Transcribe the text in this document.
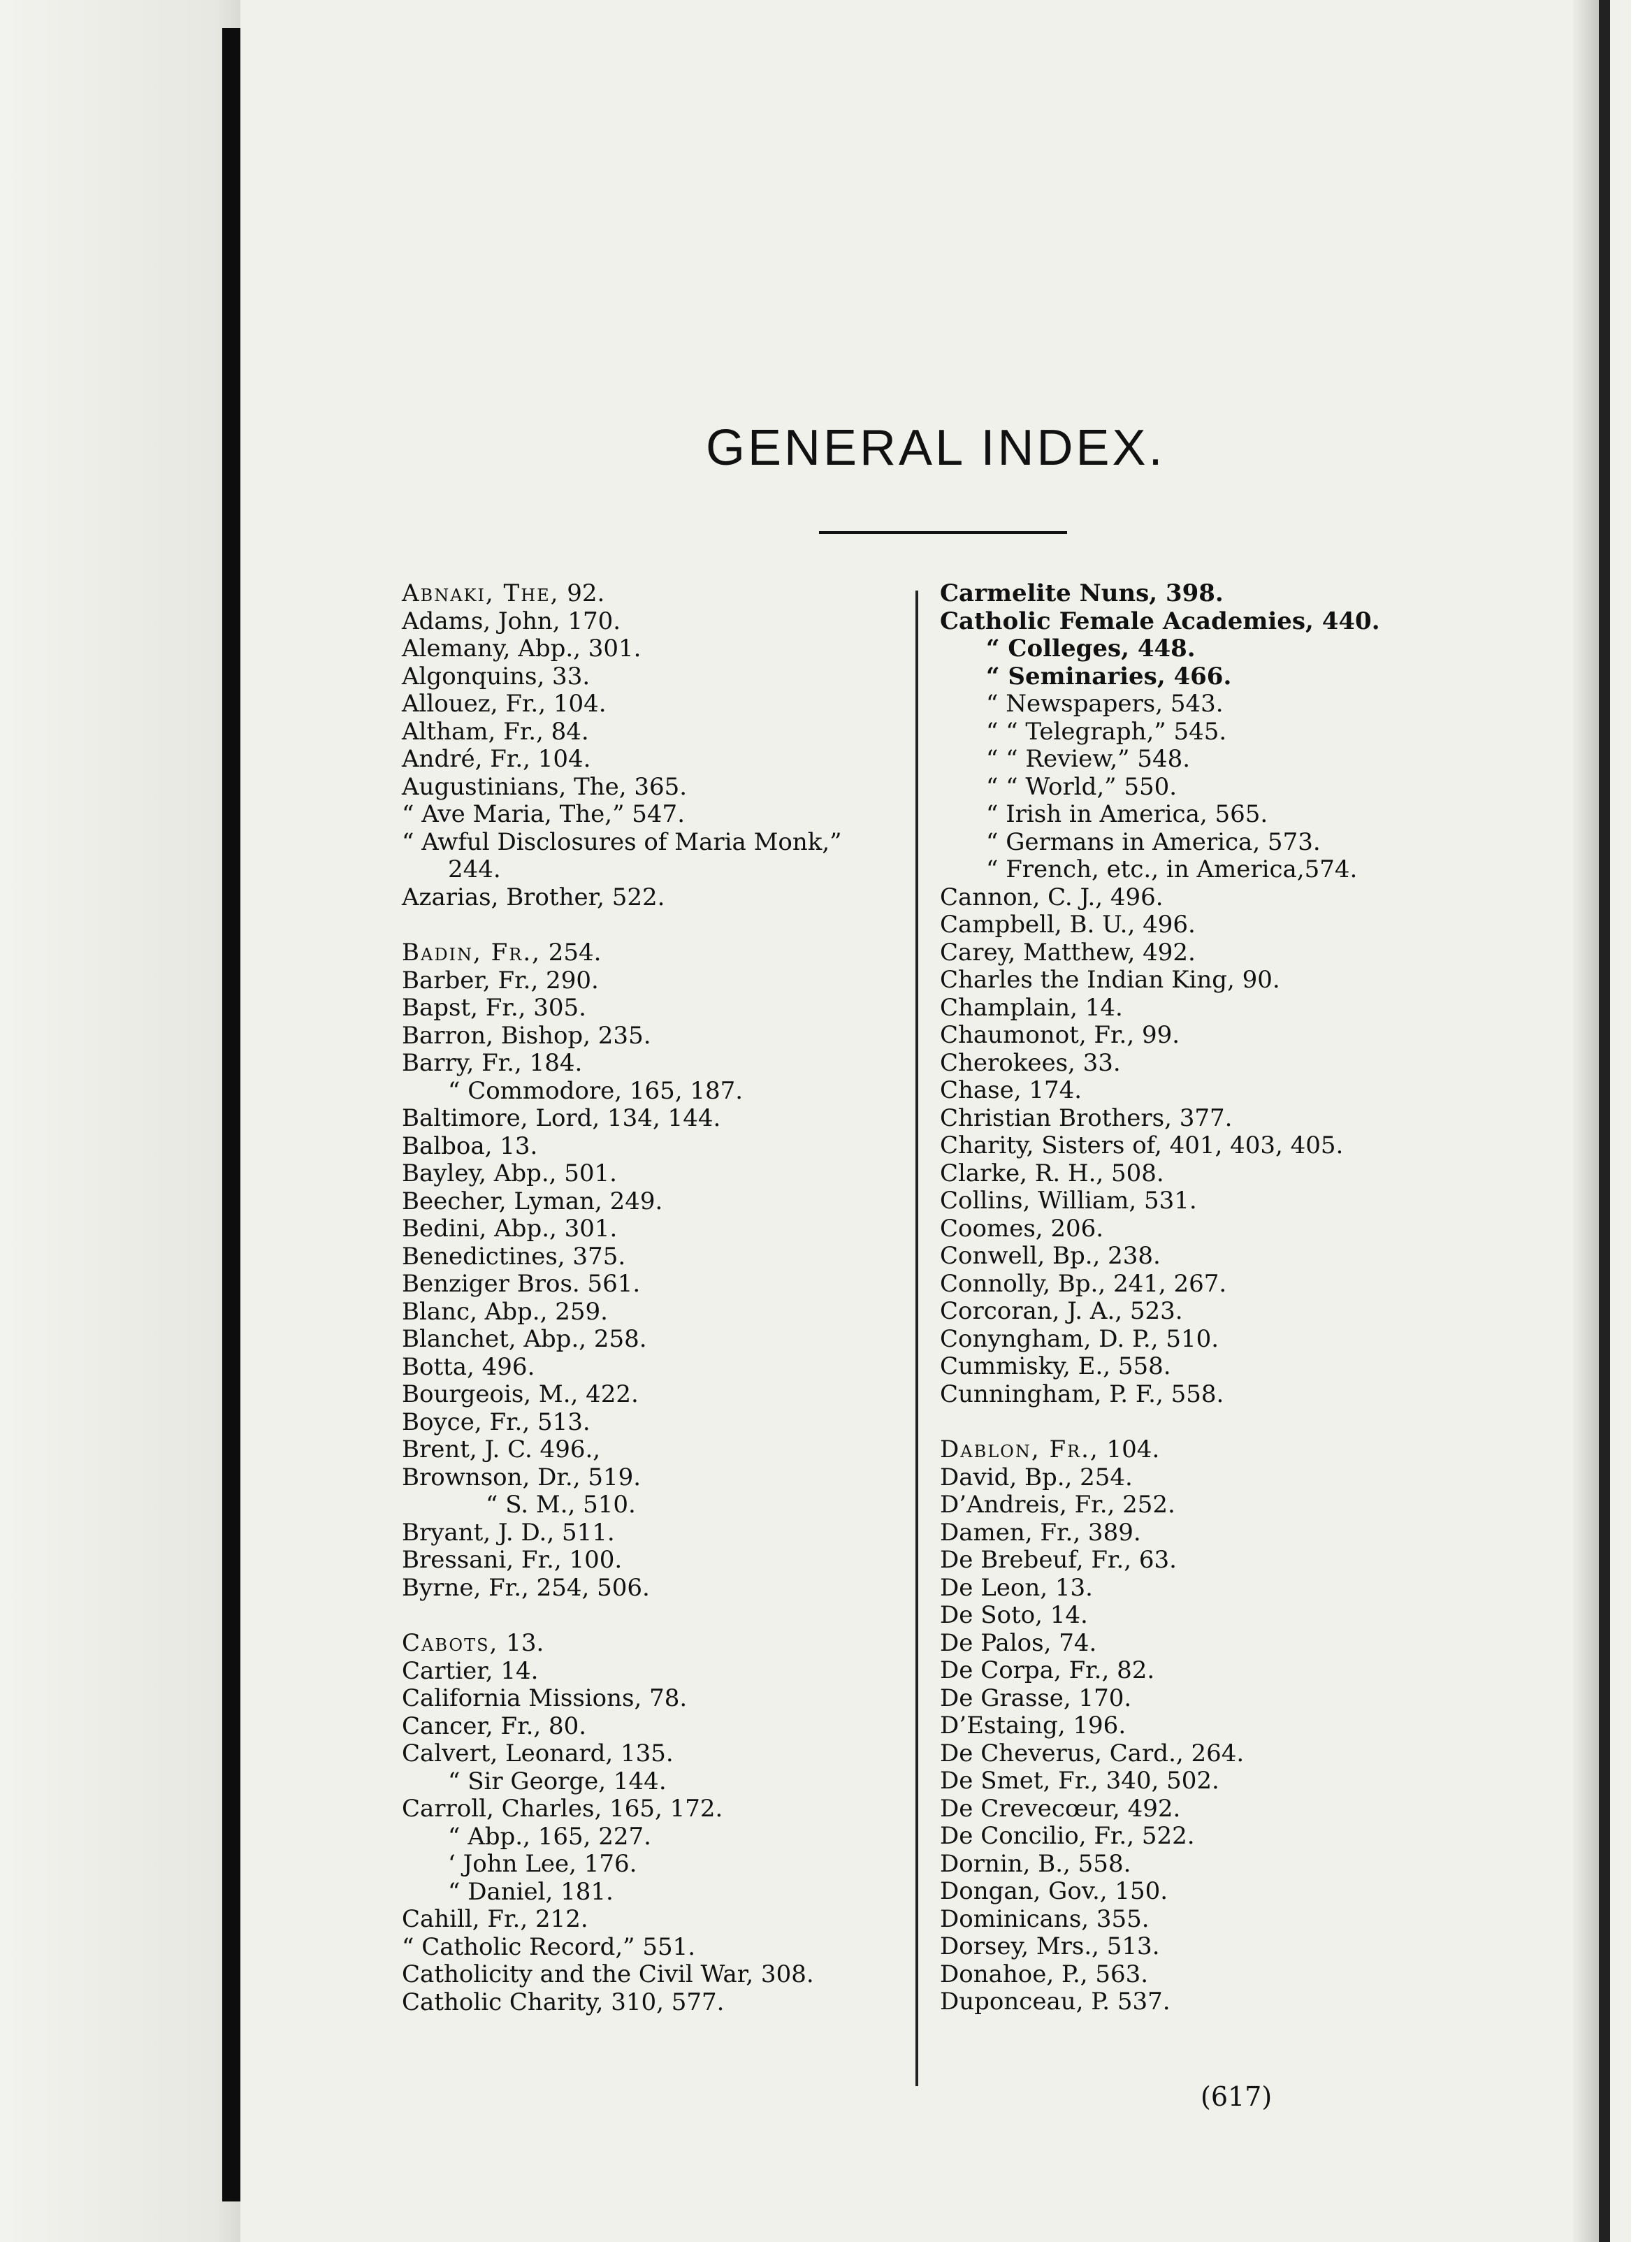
GENERAL INDEX.
Abnaki, The, 92.
Adams, John, 170.
Alemany, Abp., 301.
Algonquins, 33.
Allouez, Fr., 104.
Altham, Fr., 84.
André, Fr., 104.
Augustinians, The, 365.
“ Ave Maria, The,” 547.
“ Awful Disclosures of Maria Monk,”
244.
Azarias, Brother, 522.
Badin, Fr., 254.
Barber, Fr., 290.
Bapst, Fr., 305.
Barron, Bishop, 235.
Barry, Fr., 184.
“ Commodore, 165, 187.
Baltimore, Lord, 134, 144.
Balboa, 13.
Bayley, Abp., 501.
Beecher, Lyman, 249.
Bedini, Abp., 301.
Benedictines, 375.
Benziger Bros. 561.
Blanc, Abp., 259.
Blanchet, Abp., 258.
Botta, 496.
Bourgeois, M., 422.
Boyce, Fr., 513.
Brent, J. C. 496.,
Brownson, Dr., 519.
“ S. M., 510.
Bryant, J. D., 511.
Bressani, Fr., 100.
Byrne, Fr., 254, 506.
Cabots, 13.
Cartier, 14.
California Missions, 78.
Cancer, Fr., 80.
Calvert, Leonard, 135.
“ Sir George, 144.
Carroll, Charles, 165, 172.
“ Abp., 165, 227.
‘ John Lee, 176.
“ Daniel, 181.
Cahill, Fr., 212.
“ Catholic Record,” 551.
Catholicity and the Civil War, 308.
Catholic Charity, 310, 577.
Carmelite Nuns, 398.
Catholic Female Academies, 440.
“ Colleges, 448.
“ Seminaries, 466.
“ Newspapers, 543.
“ “ Telegraph,” 545.
“ “ Review,” 548.
“ “ World,” 550.
“ Irish in America, 565.
“ Germans in America, 573.
“ French, etc., in America,574.
Cannon, C. J., 496.
Campbell, B. U., 496.
Carey, Matthew, 492.
Charles the Indian King, 90.
Champlain, 14.
Chaumonot, Fr., 99.
Cherokees, 33.
Chase, 174.
Christian Brothers, 377.
Charity, Sisters of, 401, 403, 405.
Clarke, R. H., 508.
Collins, William, 531.
Coomes, 206.
Conwell, Bp., 238.
Connolly, Bp., 241, 267.
Corcoran, J. A., 523.
Conyngham, D. P., 510.
Cummisky, E., 558.
Cunningham, P. F., 558.
Dablon, Fr., 104.
David, Bp., 254.
D’Andreis, Fr., 252.
Damen, Fr., 389.
De Brebeuf, Fr., 63.
De Leon, 13.
De Soto, 14.
De Palos, 74.
De Corpa, Fr., 82.
De Grasse, 170.
D’Estaing, 196.
De Cheverus, Card., 264.
De Smet, Fr., 340, 502.
De Crevecœur, 492.
De Concilio, Fr., 522.
Dornin, B., 558.
Dongan, Gov., 150.
Dominicans, 355.
Dorsey, Mrs., 513.
Donahoe, P., 563.
Duponceau, P. 537.

(617)
